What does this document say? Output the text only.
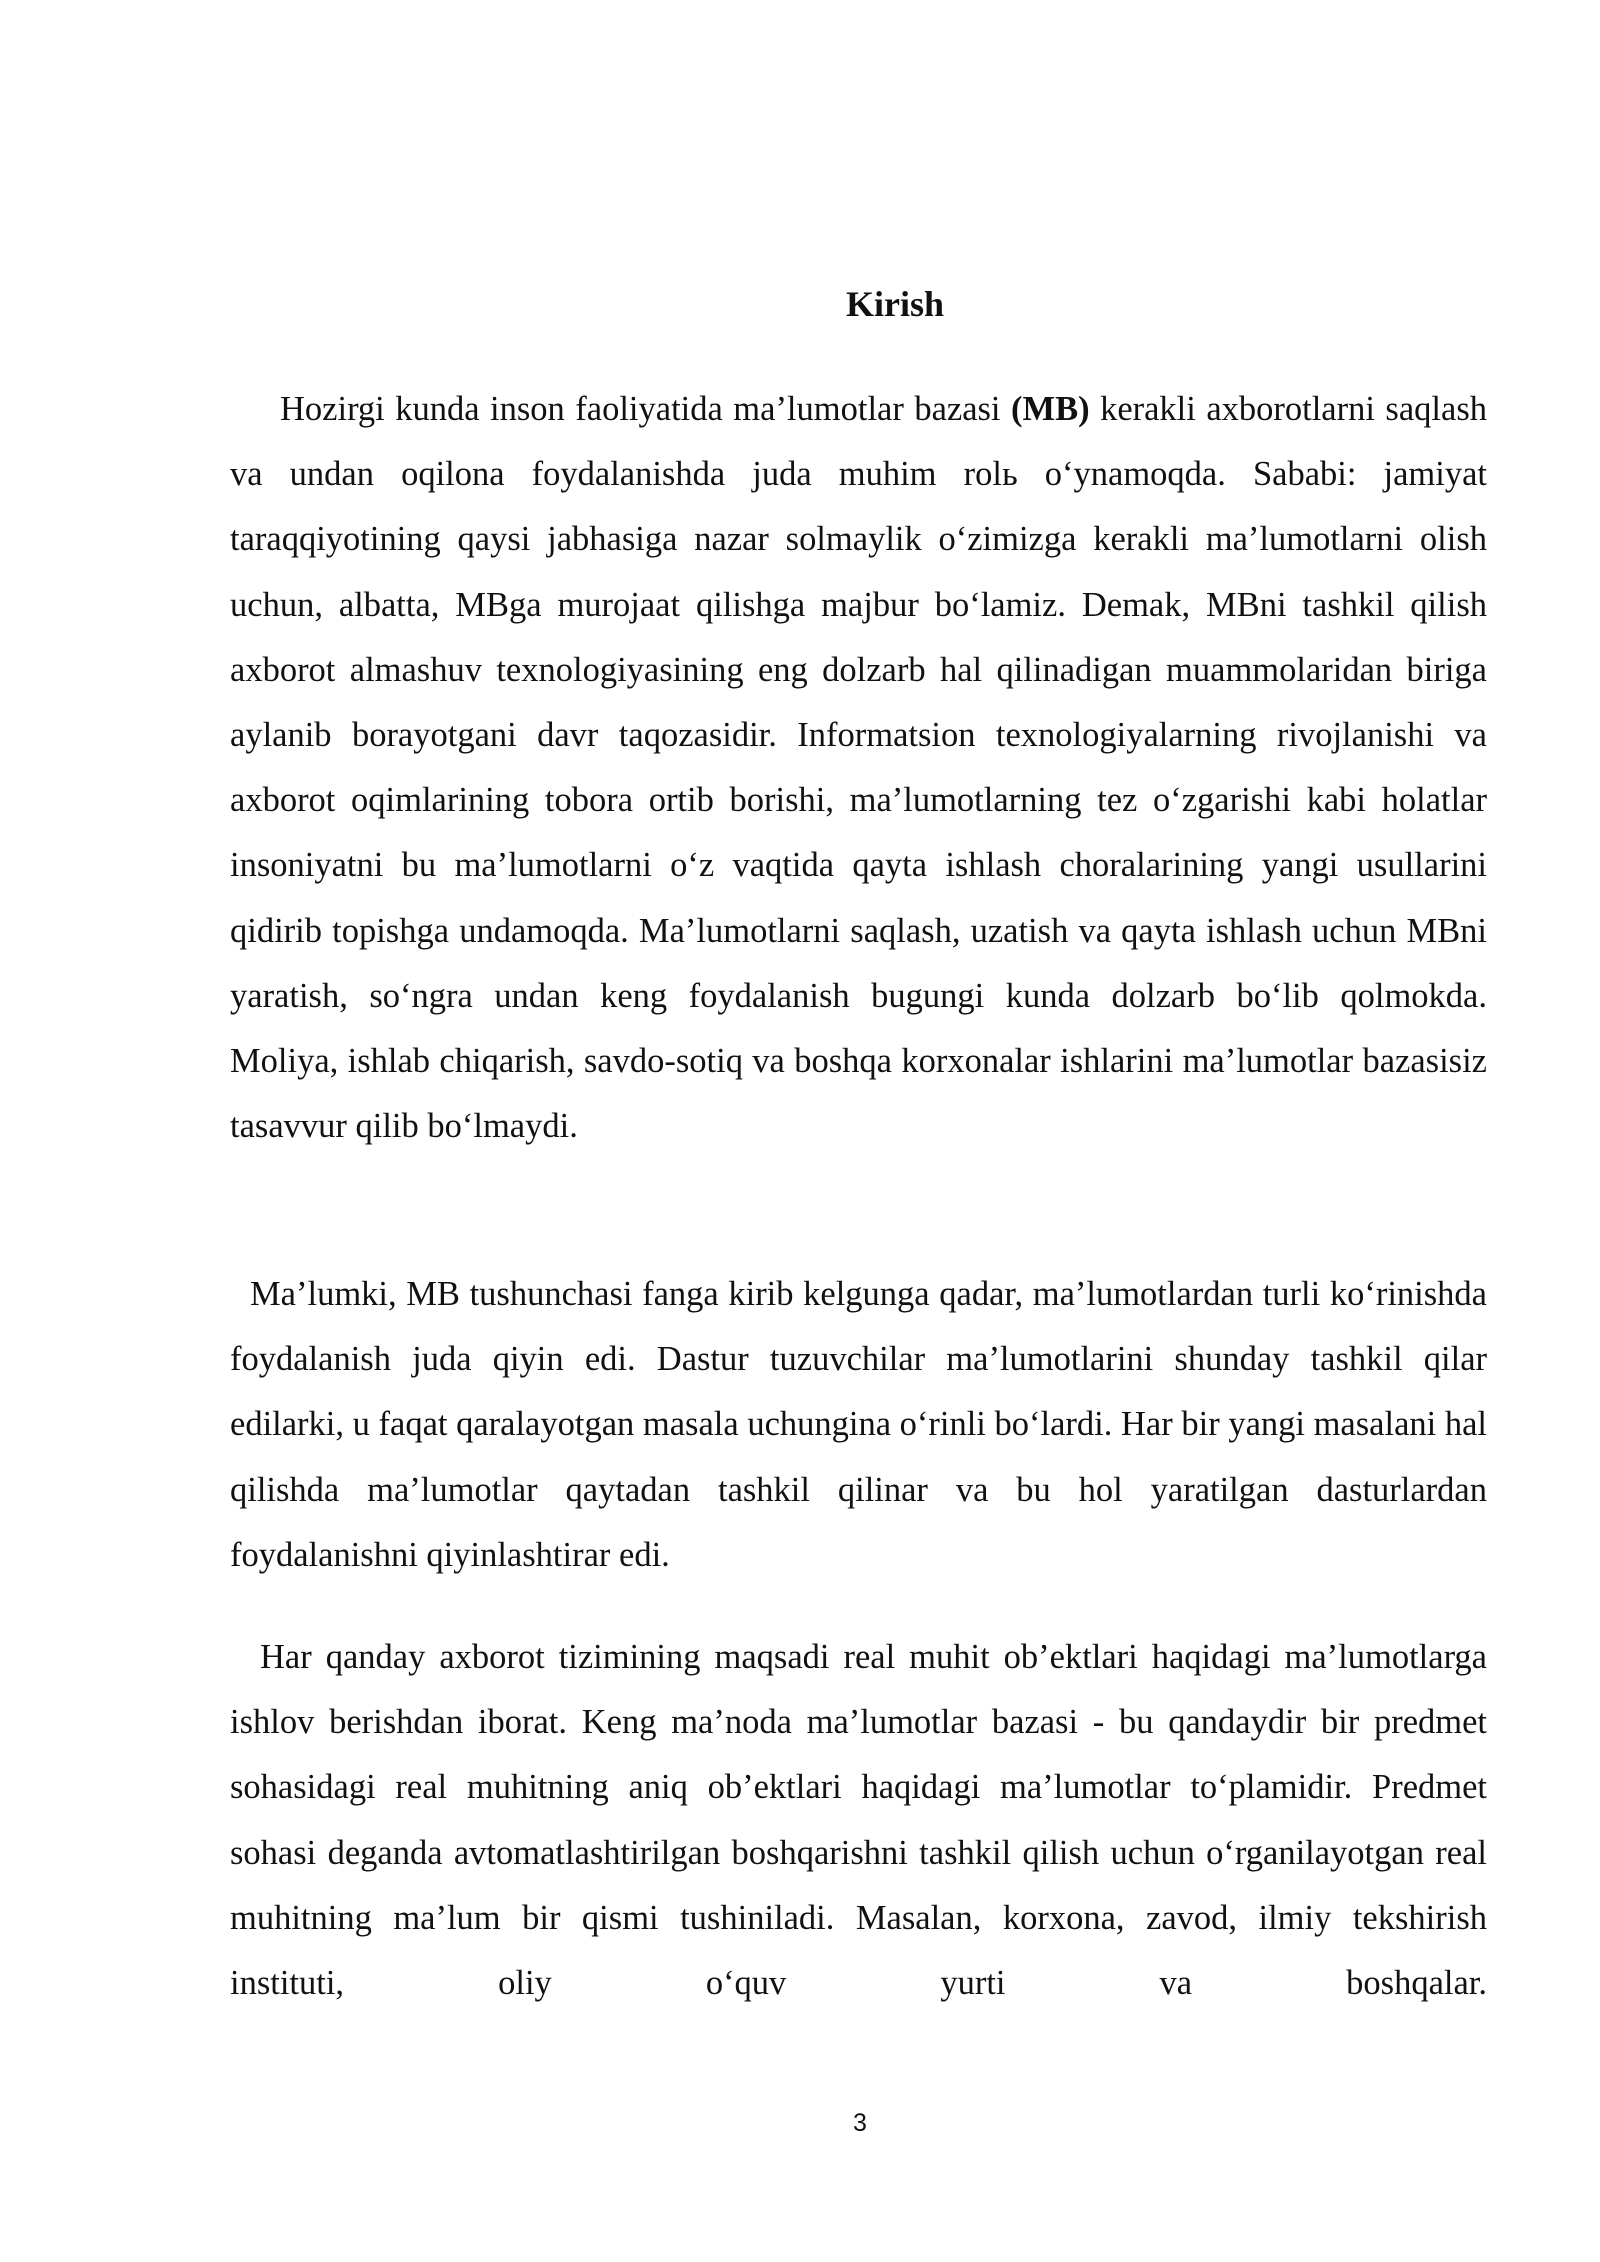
Kirish

Hozirgi kunda inson faoliyatida ma’lumotlar bazasi (MB) kerakli axborotlarni saqlash va undan oqilona foydalanishda juda muhim rolь o‘ynamoqda. Sababi: jamiyat taraqqiyotining qaysi jabhasiga nazar solmaylik o‘zimizga kerakli ma’lumotlarni olish uchun, albatta, MBga murojaat qilishga majbur bo‘lamiz. Demak, MBni tashkil qilish axborot almashuv texnologiyasining eng dolzarb hal qilinadigan muammolaridan biriga aylanib borayotgani davr taqozasidir. Informatsion texnologiyalarning rivojlanishi va axborot oqimlarining tobora ortib borishi, ma’lumotlarning tez o‘zgarishi kabi holatlar insoniyatni bu ma’lumotlarni o‘z vaqtida qayta ishlash choralarining yangi usullarini qidirib topishga undamoqda. Ma’lumotlarni saqlash, uzatish va qayta ishlash uchun MBni yaratish, so‘ngra undan keng foydalanish bugungi kunda dolzarb bo‘lib qolmokda. Moliya, ishlab chiqarish, savdo-sotiq va boshqa korxonalar ishlarini ma’lumotlar bazasisiz tasavvur qilib bo‘lmaydi.

Ma’lumki, MB tushunchasi fanga kirib kelgunga qadar, ma’lumotlardan turli ko‘rinishda foydalanish juda qiyin edi. Dastur tuzuvchilar ma’lumotlarini shunday tashkil qilar edilarki, u faqat qaralayotgan masala uchungina o‘rinli bo‘lardi. Har bir yangi masalani hal qilishda ma’lumotlar qaytadan tashkil qilinar va bu hol yaratilgan dasturlardan foydalanishni qiyinlashtirar edi.

Har qanday axborot tizimining maqsadi real muhit ob’ektlari haqidagi ma’lumotlarga ishlov berishdan iborat. Keng ma’noda ma’lumotlar bazasi - bu qandaydir bir predmet sohasidagi real muhitning aniq ob’ektlari haqidagi ma’lumotlar to‘plamidir. Predmet sohasi deganda avtomatlashtirilgan boshqarishni tashkil qilish uchun o‘rganilayotgan real muhitning ma’lum bir qismi tushiniladi. Masalan, korxona, zavod, ilmiy tekshirish instituti, oliy o‘quv yurti va boshqalar.

3
